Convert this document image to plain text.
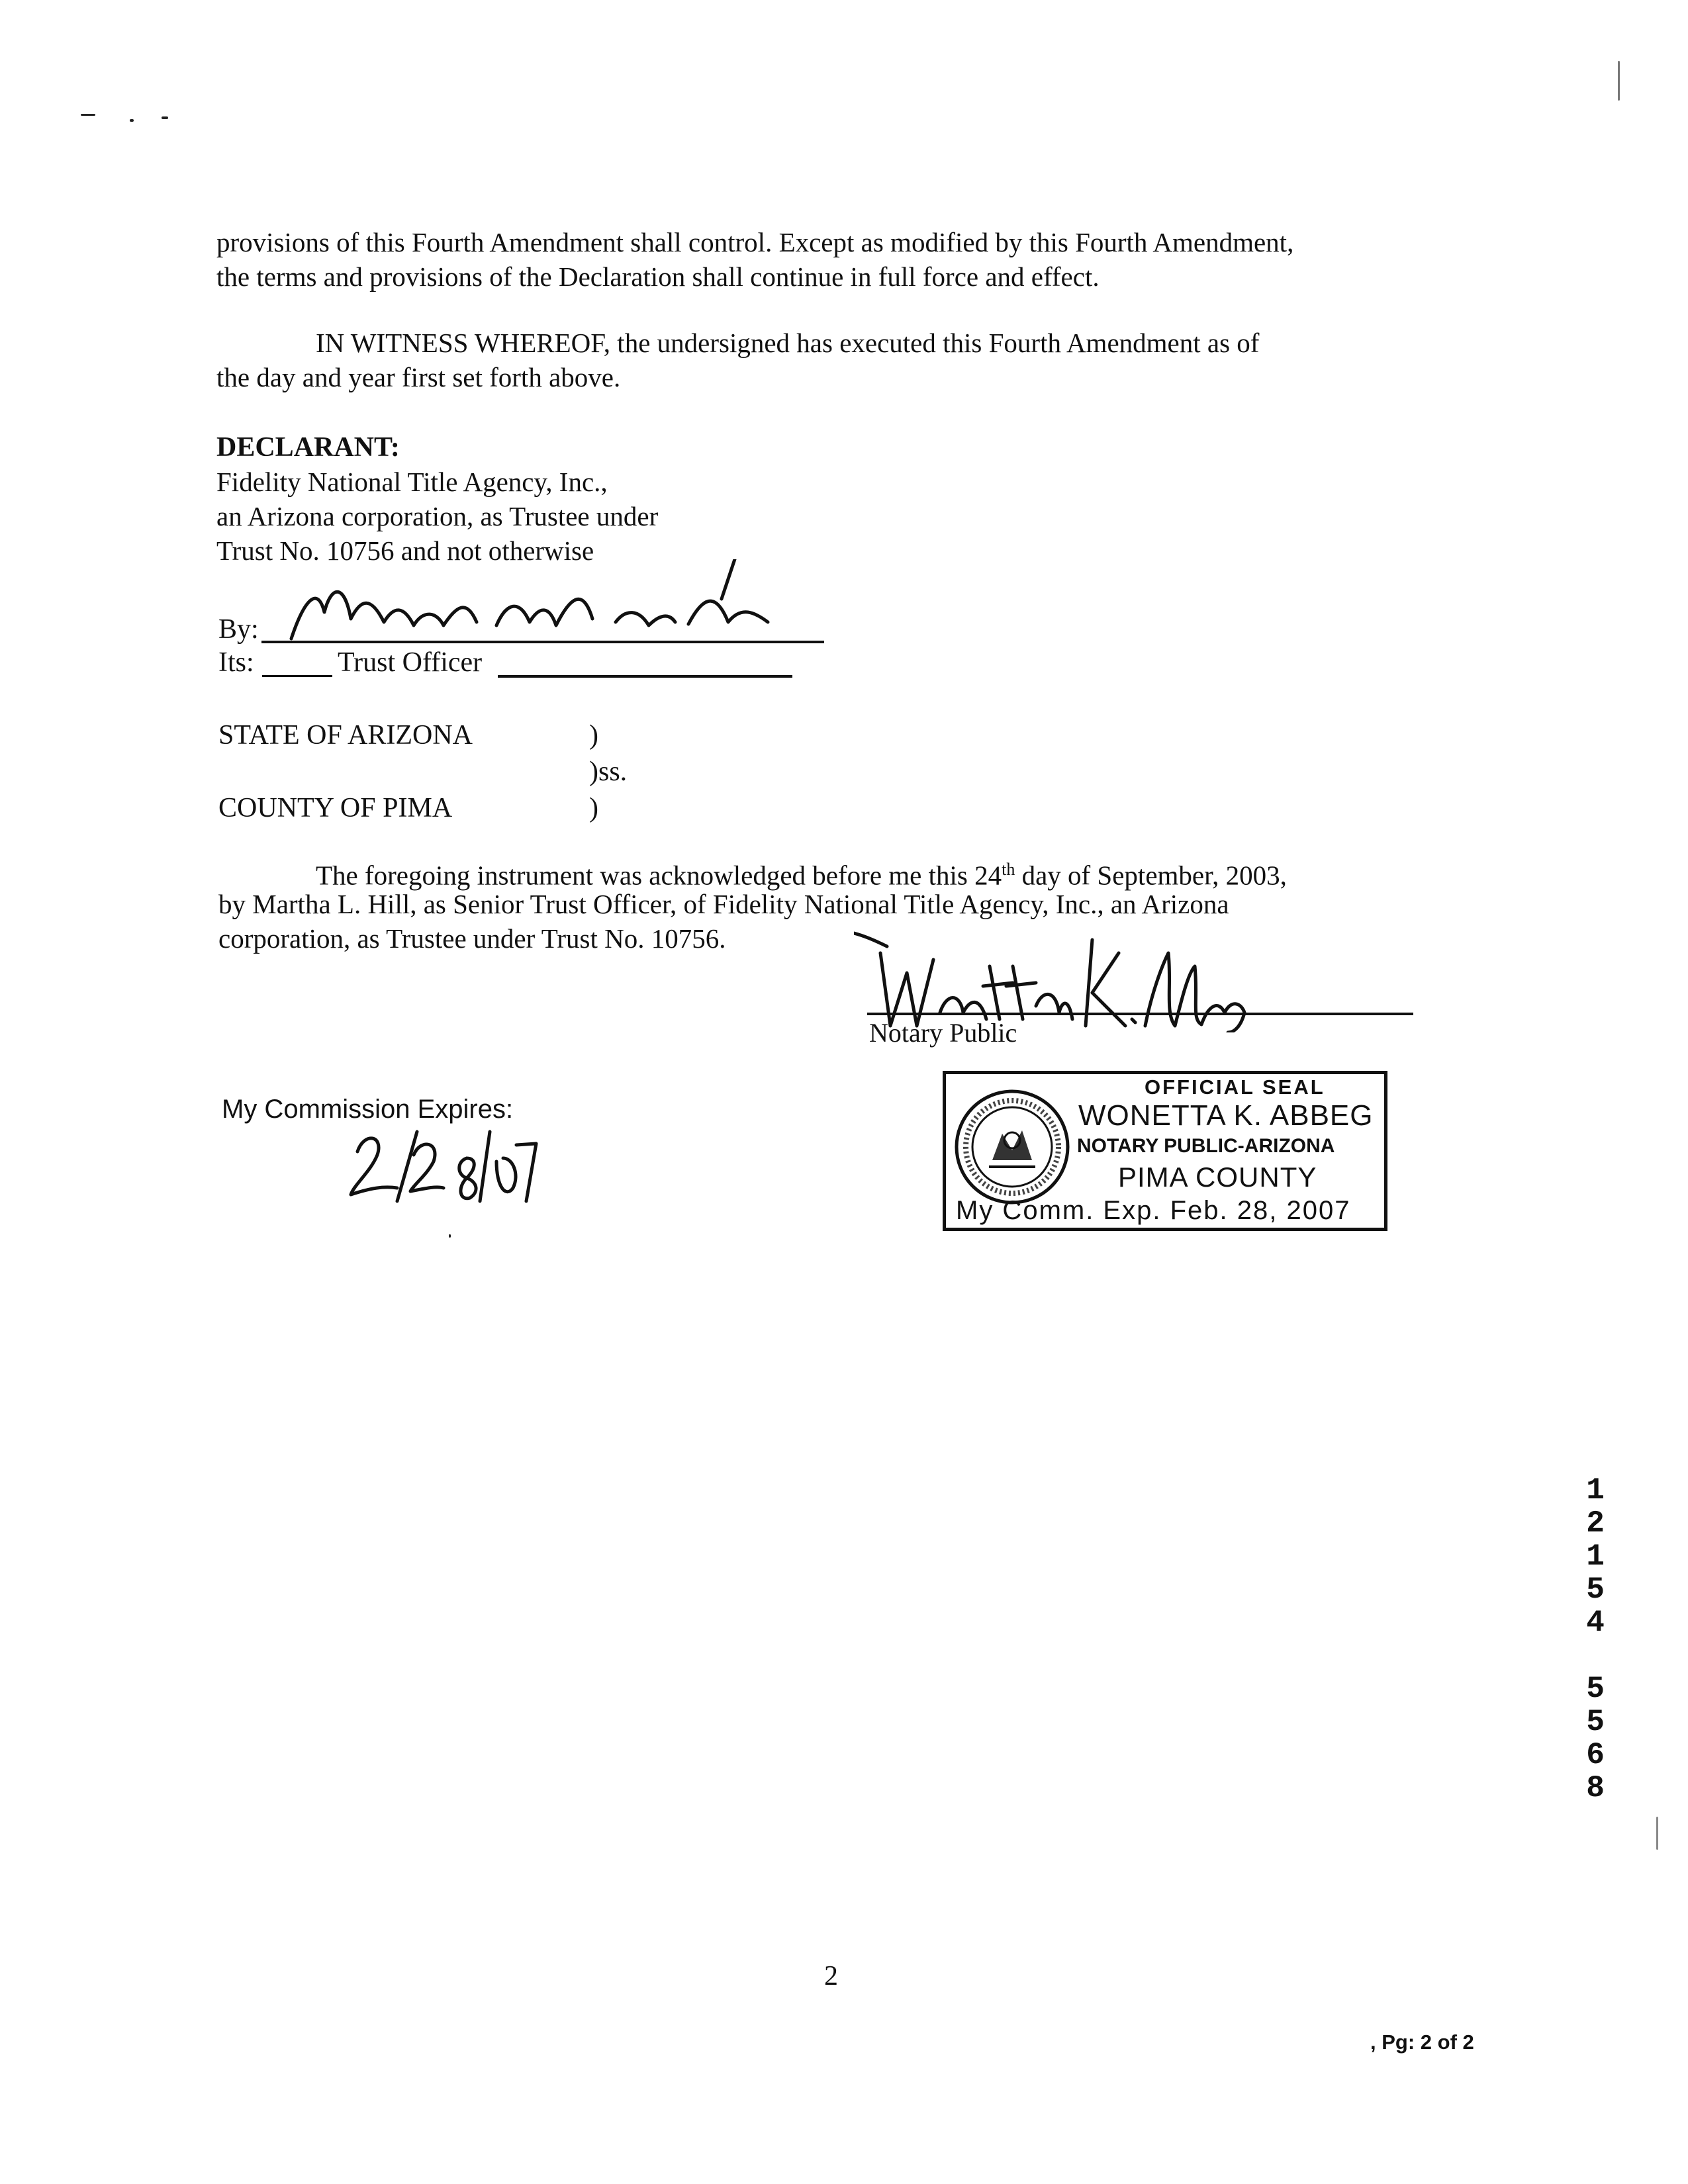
provisions of this Fourth Amendment shall control. Except as modified by this Fourth Amendment,
the terms and provisions of the Declaration shall continue in full force and effect.
IN WITNESS WHEREOF, the undersigned has executed this Fourth Amendment as of
the day and year first set forth above.
DECLARANT:
Fidelity National Title Agency, Inc.,
an Arizona corporation, as Trustee under
Trust No. 10756 and not otherwise
By:
Its:	Trust Officer
STATE OF ARIZONA	)
)ss.
COUNTY OF PIMA	)
The foregoing instrument was acknowledged before me this 24th day of September, 2003,
by Martha L. Hill, as Senior Trust Officer, of Fidelity National Title Agency, Inc., an Arizona
corporation, as Trustee under Trust No. 10756.
Notary Public
My Commission Expires:
OFFICIAL SEAL
WONETTA K. ABBEG
NOTARY PUBLIC-ARIZONA
PIMA COUNTY
My Comm. Exp. Feb. 28, 2007
1
2
1
5
4
5
5
6
8
2
, Pg: 2 of 2
